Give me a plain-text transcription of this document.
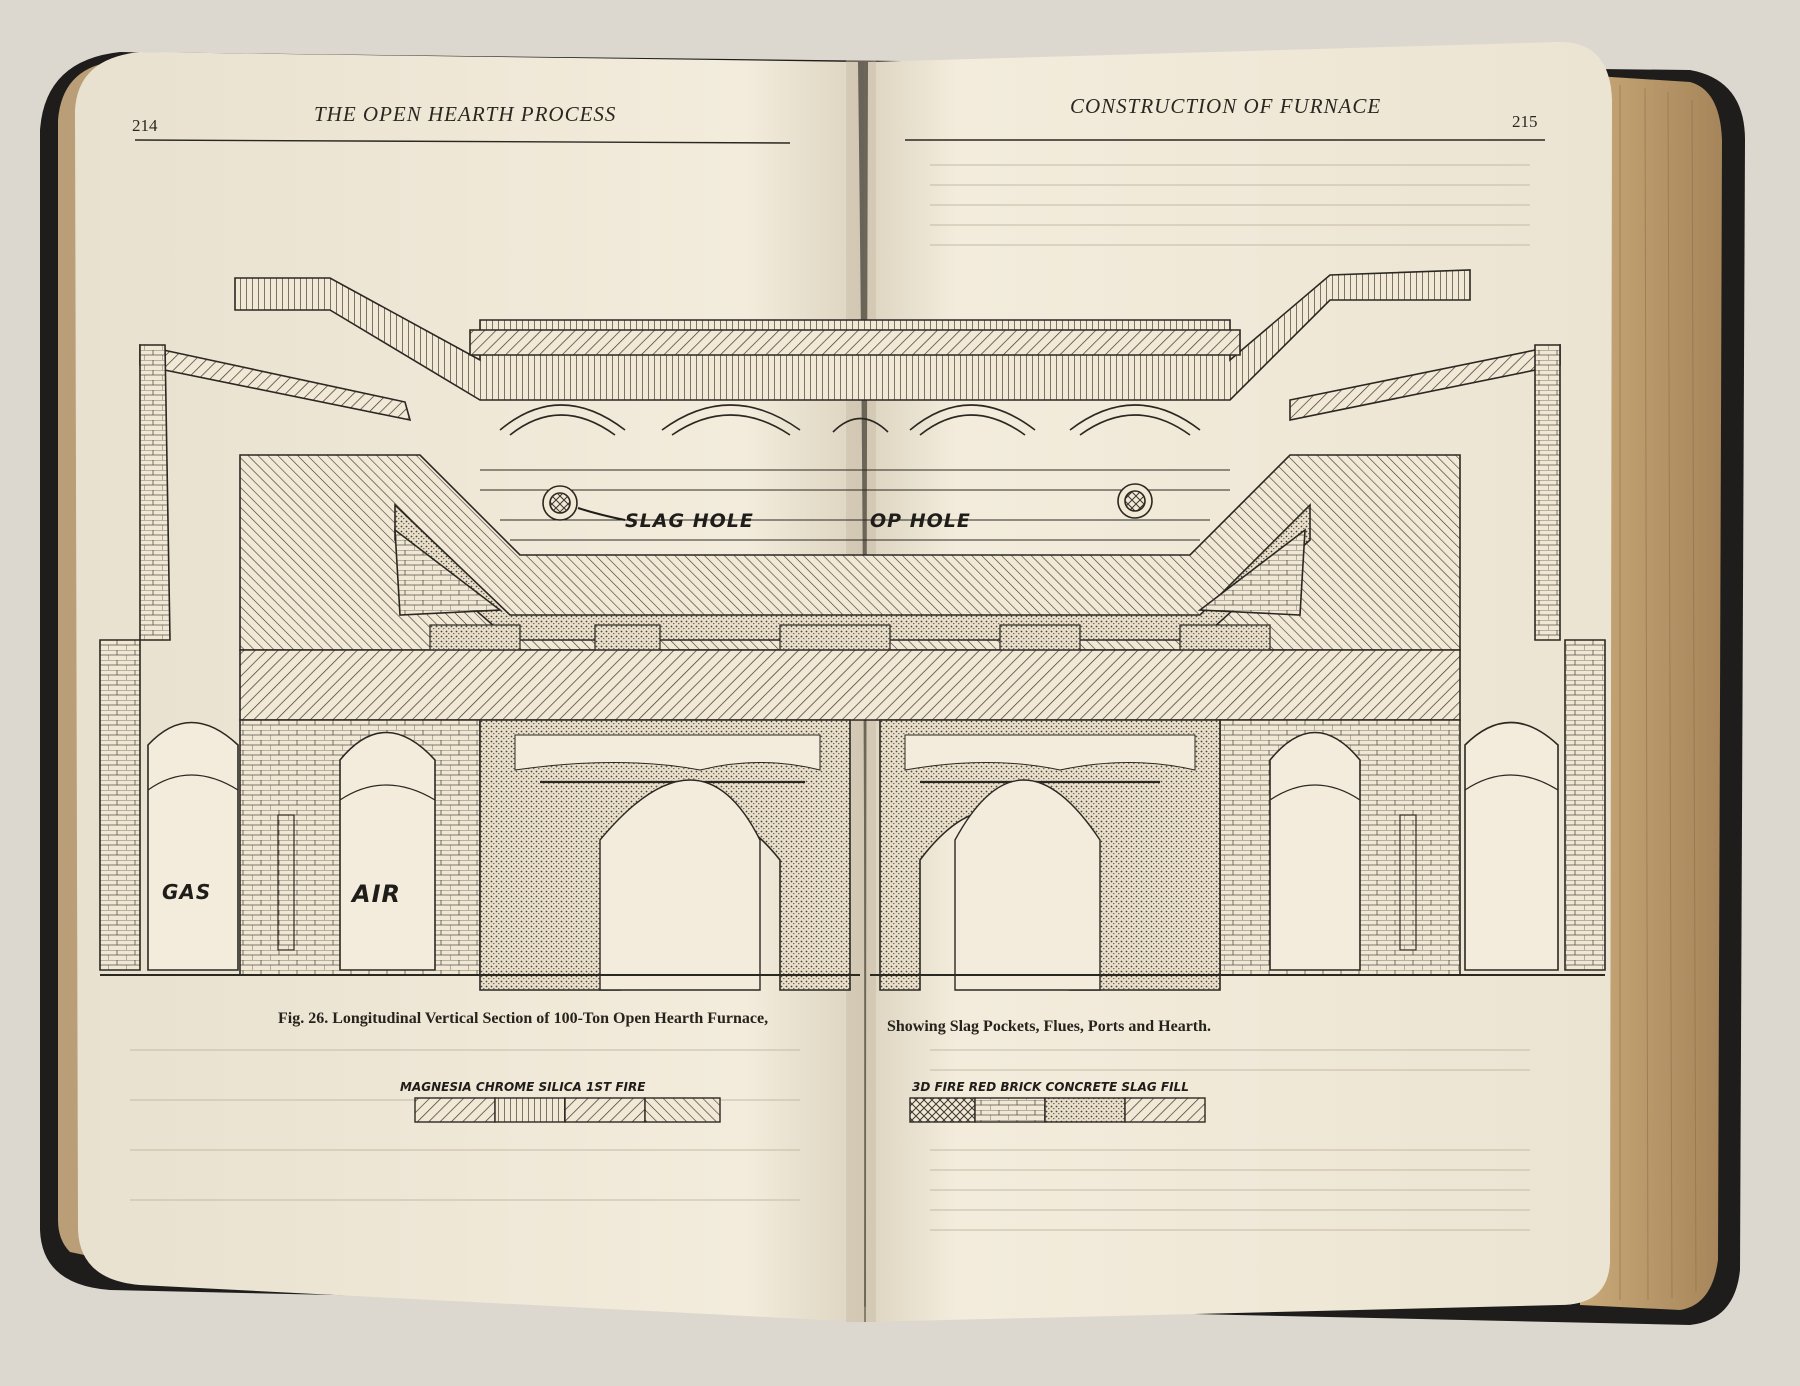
214	THE OPEN HEARTH PROCESS	CONSTRUCTION OF FURNACE
215
SLAG HOLE	OP HOLE
GAS	AIR
Fig. 26. Longitudinal Vertical Section of 100-Ton Open Hearth Furnace,	Showing Slag Pockets, Flues, Ports and Hearth.
MAGNESIA CHROME SILICA 1ST FIRE	3D FIRE RED BRICK CONCRETE SLAG FILL
